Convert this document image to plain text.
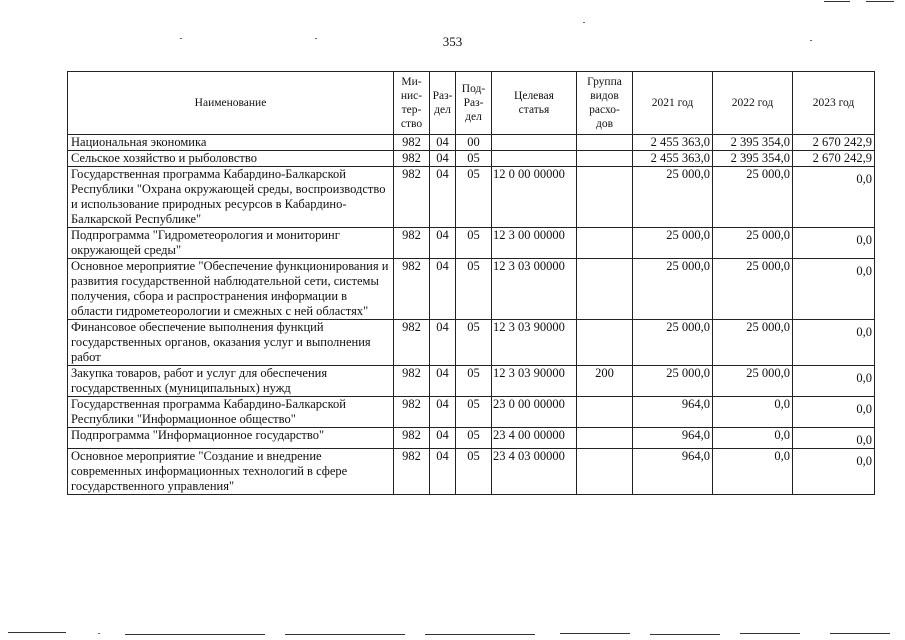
353
Наименование	Ми-
нис-
тер-
ство	Раз-
дел	Под-
Раз-
дел	Целевая
статья	Группа
видов
расхо-
дов	2021 год	2022 год	2023 год
Национальная экономика	982	04	00			2 455 363,0	2 395 354,0	2 670 242,9
Сельское хозяйство и рыболовство	982	04	05			2 455 363,0	2 395 354,0	2 670 242,9
Государственная программа Кабардино-Балкарской Республики "Охрана окружающей среды, воспроизводство и использование природных ресурсов в Кабардино-Балкарской Республике"	982	04	05	12 0 00 00000		25 000,0	25 000,0	0,0
Подпрограмма "Гидрометеорология и мониторинг окружающей среды"	982	04	05	12 3 00 00000		25 000,0	25 000,0	0,0
Основное мероприятие "Обеспечение функционирования и развития государственной наблюдательной сети, системы получения, сбора и распространения информации в области гидрометеорологии и смежных с ней областях"	982	04	05	12 3 03 00000		25 000,0	25 000,0	0,0
Финансовое обеспечение выполнения функций государственных органов, оказания услуг и выполнения работ	982	04	05	12 3 03 90000		25 000,0	25 000,0	0,0
Закупка товаров, работ и услуг для обеспечения государственных (муниципальных) нужд	982	04	05	12 3 03 90000	200	25 000,0	25 000,0	0,0
Государственная программа Кабардино-Балкарской Республики "Информационное общество"	982	04	05	23 0 00 00000		964,0	0,0	0,0
Подпрограмма "Информационное государство"	982	04	05	23 4 00 00000		964,0	0,0	0,0
Основное мероприятие "Создание и внедрение современных информационных технологий в сфере государственного управления"	982	04	05	23 4 03 00000		964,0	0,0	0,0
